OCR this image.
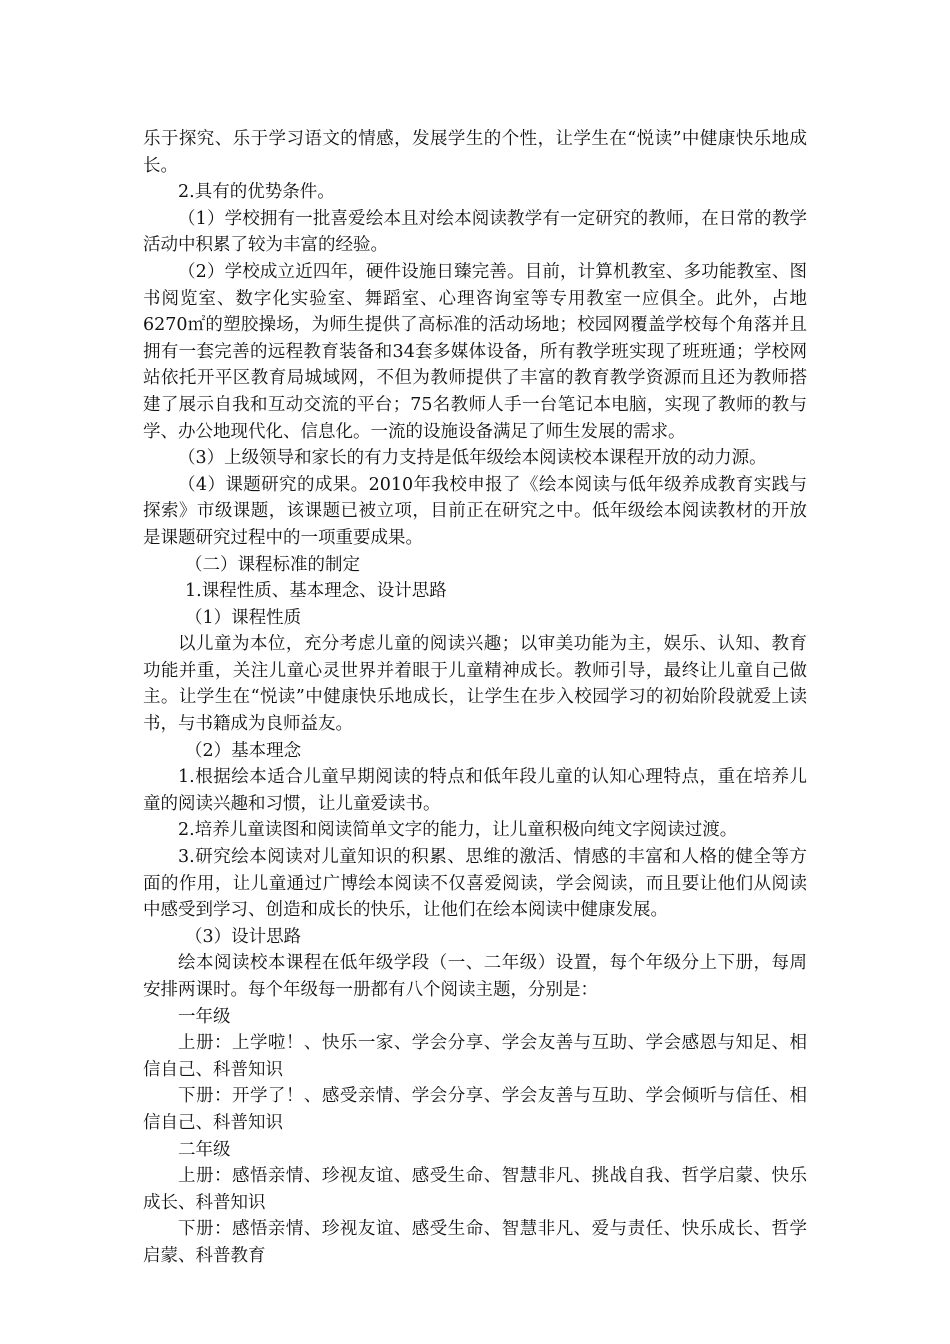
乐于探究、乐于学习语文的情感，发展学生的个性，让学生在“悦读”中健康快乐地成长。

2.具有的优势条件。

（1）学校拥有一批喜爱绘本且对绘本阅读教学有一定研究的教师，在日常的教学活动中积累了较为丰富的经验。

（2）学校成立近四年，硬件设施日臻完善。目前，计算机教室、多功能教室、图书阅览室、数字化实验室、舞蹈室、心理咨询室等专用教室一应俱全。此外，占地6270㎡的塑胶操场，为师生提供了高标准的活动场地；校园网覆盖学校每个角落并且拥有一套完善的远程教育装备和34套多媒体设备，所有教学班实现了班班通；学校网站依托开平区教育局城域网，不但为教师提供了丰富的教育教学资源而且还为教师搭建了展示自我和互动交流的平台；75名教师人手一台笔记本电脑，实现了教师的教与学、办公地现代化、信息化。一流的设施设备满足了师生发展的需求。

（3）上级领导和家长的有力支持是低年级绘本阅读校本课程开放的动力源。

（4）课题研究的成果。2010年我校申报了《绘本阅读与低年级养成教育实践与探索》市级课题，该课题已被立项，目前正在研究之中。低年级绘本阅读教材的开放是课题研究过程中的一项重要成果。

（二）课程标准的制定

1.课程性质、基本理念、设计思路

（1）课程性质

以儿童为本位，充分考虑儿童的阅读兴趣；以审美功能为主，娱乐、认知、教育功能并重，关注儿童心灵世界并着眼于儿童精神成长。教师引导，最终让儿童自己做主。让学生在“悦读”中健康快乐地成长，让学生在步入校园学习的初始阶段就爱上读书，与书籍成为良师益友。

（2）基本理念

1.根据绘本适合儿童早期阅读的特点和低年段儿童的认知心理特点，重在培养儿童的阅读兴趣和习惯，让儿童爱读书。

2.培养儿童读图和阅读简单文字的能力，让儿童积极向纯文字阅读过渡。

3.研究绘本阅读对儿童知识的积累、思维的激活、情感的丰富和人格的健全等方面的作用，让儿童通过广博绘本阅读不仅喜爱阅读，学会阅读，而且要让他们从阅读中感受到学习、创造和成长的快乐，让他们在绘本阅读中健康发展。

（3）设计思路

绘本阅读校本课程在低年级学段（一、二年级）设置，每个年级分上下册，每周安排两课时。每个年级每一册都有八个阅读主题，分别是：

一年级

上册：上学啦！、快乐一家、学会分享、学会友善与互助、学会感恩与知足、相信自己、科普知识

下册：开学了！、感受亲情、学会分享、学会友善与互助、学会倾听与信任、相信自己、科普知识

二年级

上册：感悟亲情、珍视友谊、感受生命、智慧非凡、挑战自我、哲学启蒙、快乐成长、科普知识

下册：感悟亲情、珍视友谊、感受生命、智慧非凡、爱与责任、快乐成长、哲学启蒙、科普教育
